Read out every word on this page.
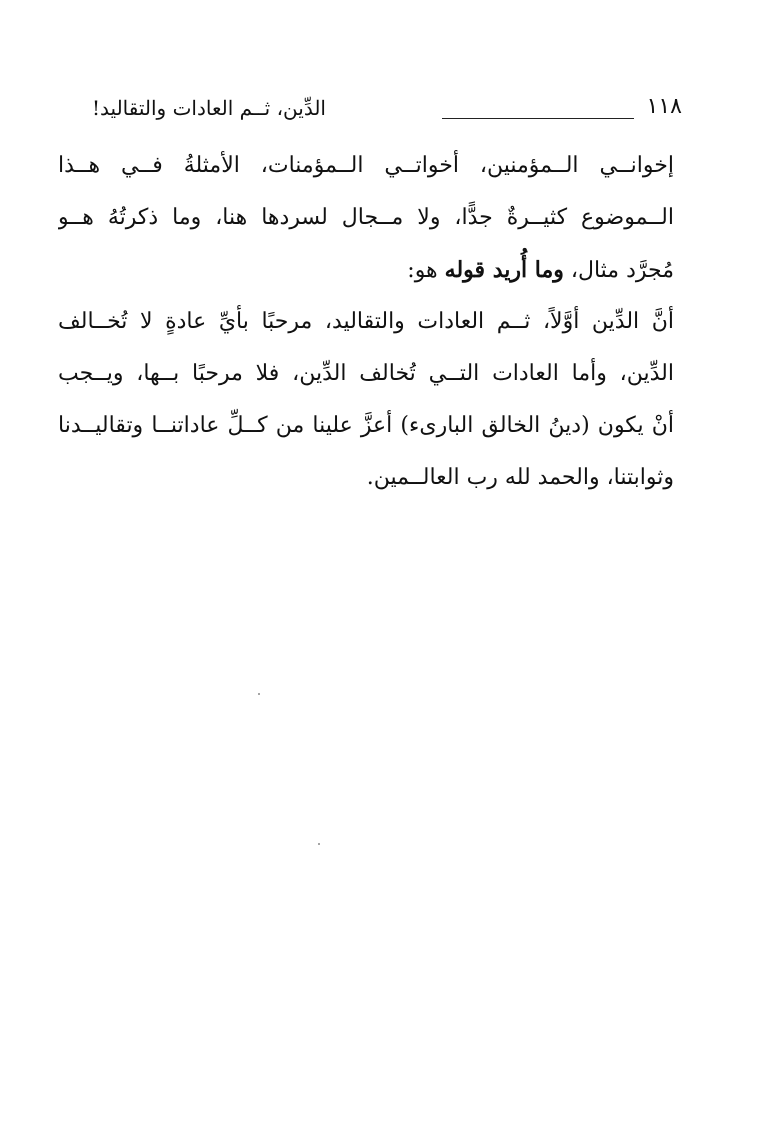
١١٨
الدِّين، ثــم العادات والتقاليد!
إخوانــي الــمؤمنين، أخواتــي الــمؤمنات، الأمثلةُ فــي هــذا
الــموضوع كثيــرةٌ جدًّا، ولا مــجال لسردها هنا، وما ذكرتُهُ هــو
مُجرَّد مثال، وما أُريد قوله هو:
أنَّ الدِّين أوَّلاً، ثــم العادات والتقاليد، مرحبًا بأيِّ عادةٍ لا تُخــالف
الدِّين، وأما العادات التــي تُخالف الدِّين، فلا مرحبًا بــها، ويــجب
أنْ يكون (دينُ الخالق البارىء) أعزَّ علينا من كــلِّ عاداتنــا وتقاليــدنا
وثوابتنا، والحمد لله رب العالــمين.
